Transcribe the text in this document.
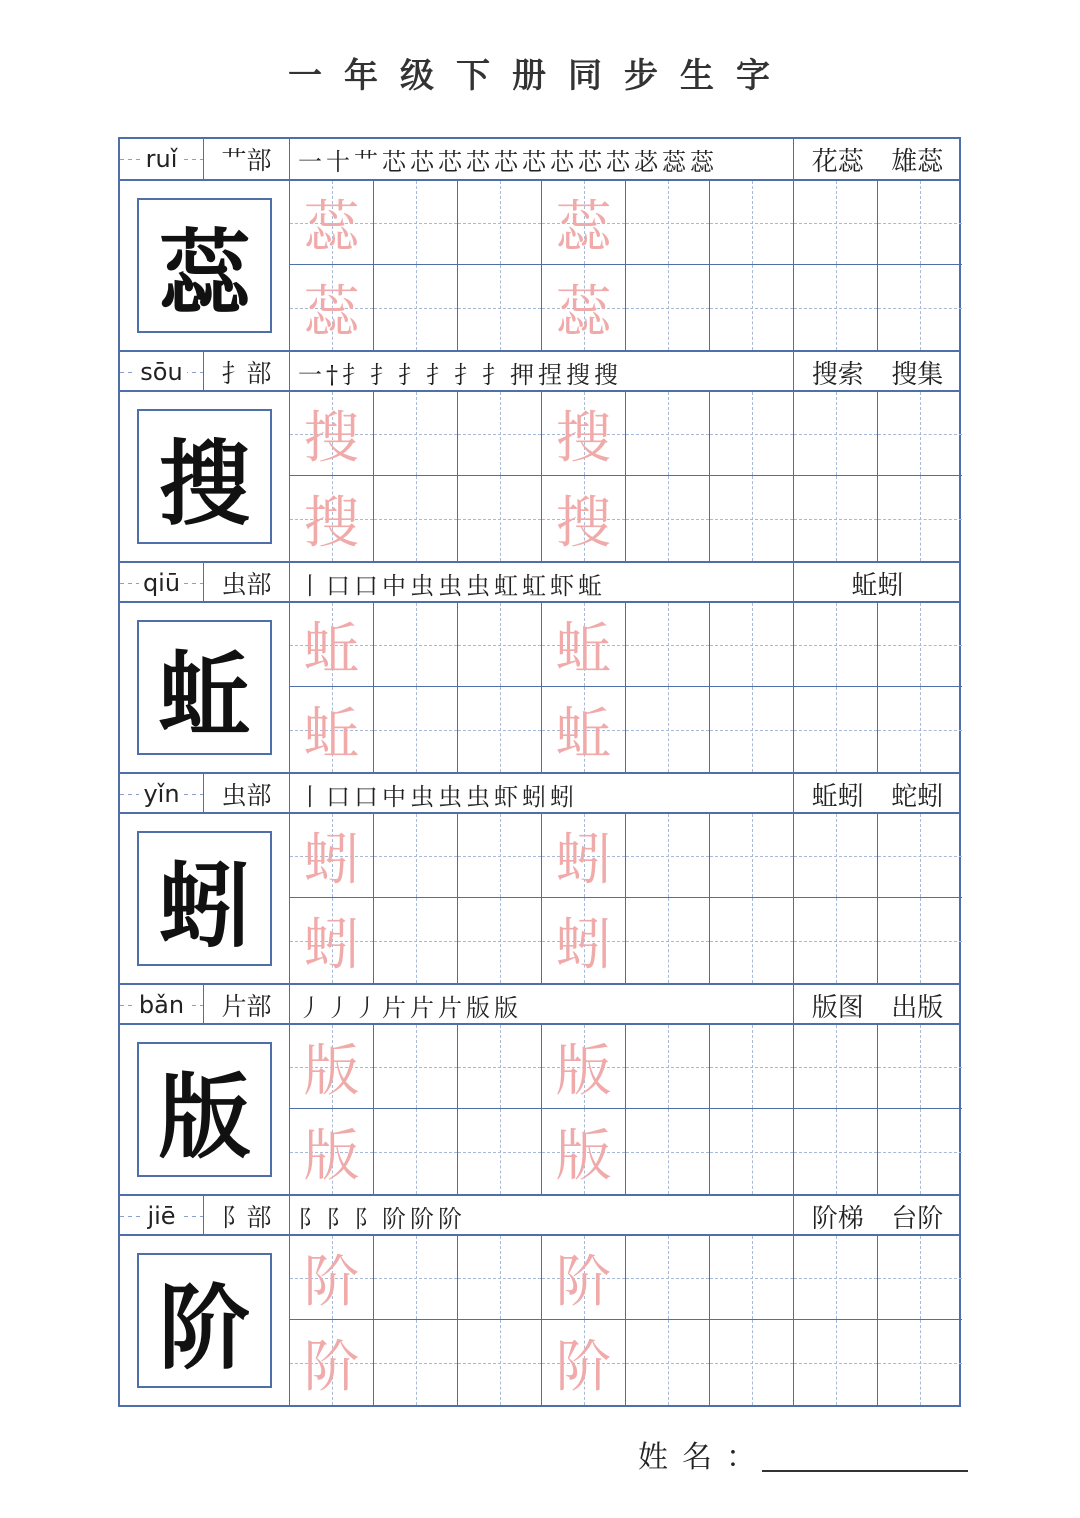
一年级下册同步生字
ruǐ	艹部	一十艹芯芯芯芯芯芯芯芯芯苾蕊蕊	花蕊 雄蕊
蕊 蕊	蕊
蕊	蕊
sōu	扌部	一†扌扌扌扌扌扌押捏搜搜	搜索 搜集
搜 搜	搜
搜	搜
qiū	虫部	丨口口中虫虫虫虹虹虾蚯	蚯蚓
蚯 蚯	蚯
蚯	蚯
yǐn	虫部	丨口口中虫虫虫虾蚓蚓	蚯蚓 蛇蚓
蚓 蚓	蚓
蚓	蚓
bǎn	片部	丿丿丿片片片版版	版图 出版
版 版	版
版	版
jiē	阝部	阝阝阝阶阶阶	阶梯 台阶
阶 阶	阶
阶	阶
姓名：
